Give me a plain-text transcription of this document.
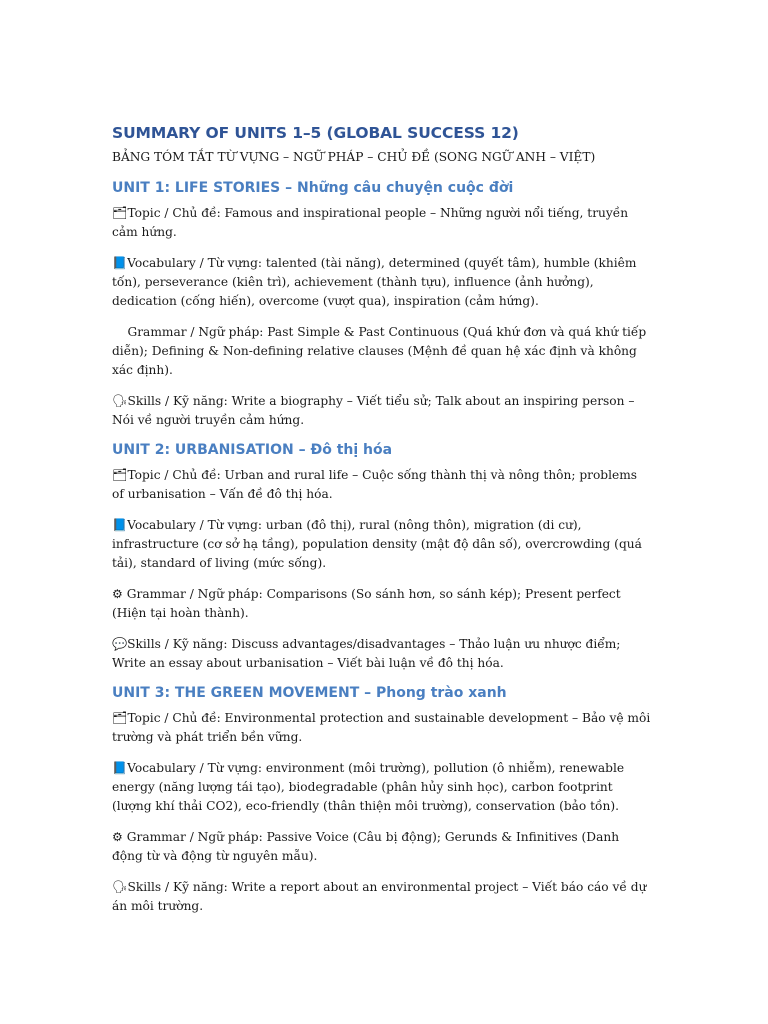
SUMMARY OF UNITS 1–5 (GLOBAL SUCCESS 12)

BẢNG TÓM TẮT TỪ VỰNG – NGỮ PHÁP – CHỦ ĐỀ (SONG NGỮ ANH – VIỆT)

UNIT 1: LIFE STORIES – Những câu chuyện cuộc đời

🗂Topic / Chủ đề: Famous and inspirational people – Những người nổi tiếng, truyền cảm hứng.

📘Vocabulary / Từ vựng: talented (tài năng), determined (quyết tâm), humble (khiêm tốn), perseverance (kiên trì), achievement (thành tựu), influence (ảnh hưởng), dedication (cống hiến), overcome (vượt qua), inspiration (cảm hứng).

Grammar / Ngữ pháp: Past Simple & Past Continuous (Quá khứ đơn và quá khứ tiếp diễn); Defining & Non-defining relative clauses (Mệnh đề quan hệ xác định và không xác định).

🗣Skills / Kỹ năng: Write a biography – Viết tiểu sử; Talk about an inspiring person – Nói về người truyền cảm hứng.

UNIT 2: URBANISATION – Đô thị hóa

🗂Topic / Chủ đề: Urban and rural life – Cuộc sống thành thị và nông thôn; problems of urbanisation – Vấn đề đô thị hóa.

📘Vocabulary / Từ vựng: urban (đô thị), rural (nông thôn), migration (di cư), infrastructure (cơ sở hạ tầng), population density (mật độ dân số), overcrowding (quá tải), standard of living (mức sống).

⚙ Grammar / Ngữ pháp: Comparisons (So sánh hơn, so sánh kép); Present perfect (Hiện tại hoàn thành).

💬Skills / Kỹ năng: Discuss advantages/disadvantages – Thảo luận ưu nhược điểm; Write an essay about urbanisation – Viết bài luận về đô thị hóa.

UNIT 3: THE GREEN MOVEMENT – Phong trào xanh

🗂Topic / Chủ đề: Environmental protection and sustainable development – Bảo vệ môi trường và phát triển bền vững.

📘Vocabulary / Từ vựng: environment (môi trường), pollution (ô nhiễm), renewable energy (năng lượng tái tạo), biodegradable (phân hủy sinh học), carbon footprint (lượng khí thải CO2), eco-friendly (thân thiện môi trường), conservation (bảo tồn).

⚙ Grammar / Ngữ pháp: Passive Voice (Câu bị động); Gerunds & Infinitives (Danh động từ và động từ nguyên mẫu).

🗣Skills / Kỹ năng: Write a report about an environmental project – Viết báo cáo về dự án môi trường.
